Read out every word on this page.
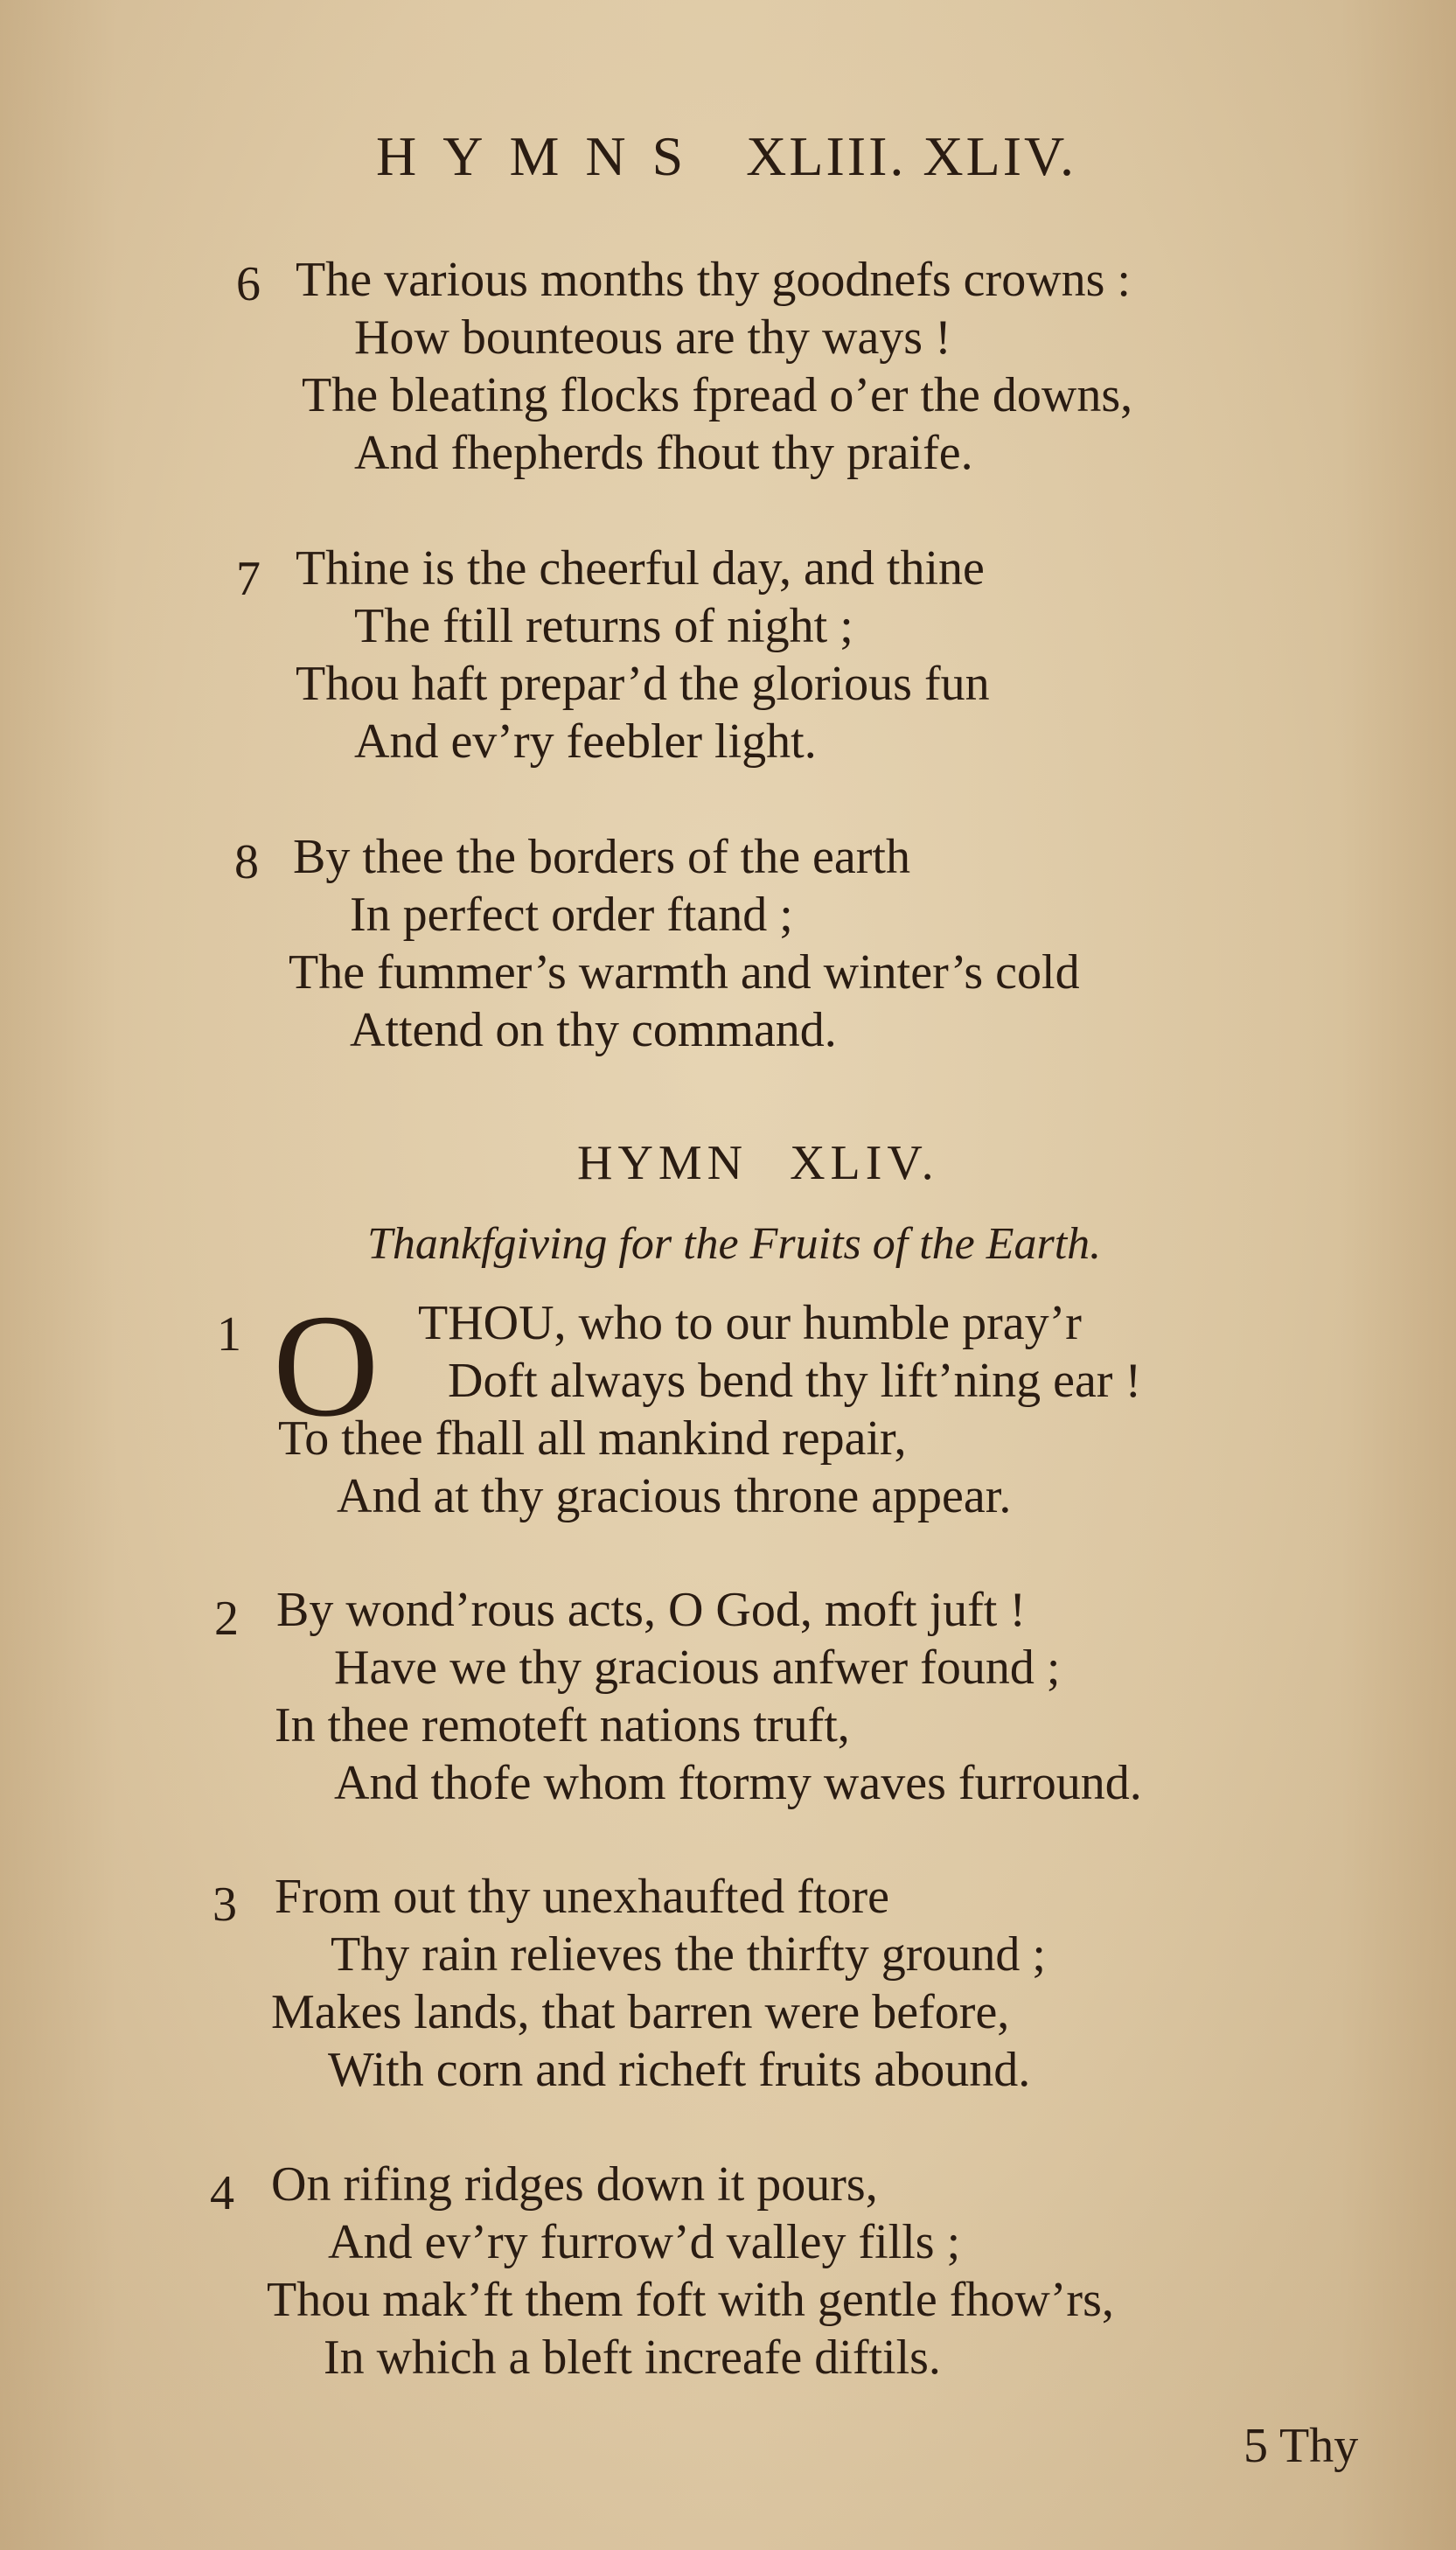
HYMNS XLIII. XLIV.
6 The various months thy goodnefs crowns :
How bounteous are thy ways !
The bleating flocks fpread o’er the downs,
And fhepherds fhout thy praife.
7 Thine is the cheerful day, and thine
The ftill returns of night ;
Thou haft prepar’d the glorious fun
And ev’ry feebler light.
8 By thee the borders of the earth
In perfect order ftand ;
The fummer’s warmth and winter’s cold
Attend on thy command.
HYMN XLIV.
Thankfgiving for the Fruits of the Earth.
1 O THOU, who to our humble pray’r
Doft always bend thy lift’ning ear !
To thee fhall all mankind repair,
And at thy gracious throne appear.
2 By wond’rous acts, O God, moft juft !
Have we thy gracious anfwer found ;
In thee remoteft nations truft,
And thofe whom ftormy waves furround.
3 From out thy unexhaufted ftore
Thy rain relieves the thirfty ground ;
Makes lands, that barren were before,
With corn and richeft fruits abound.
4 On rifing ridges down it pours,
And ev’ry furrow’d valley fills ;
Thou mak’ft them foft with gentle fhow’rs,
In which a bleft increafe diftils.
5 Thy
